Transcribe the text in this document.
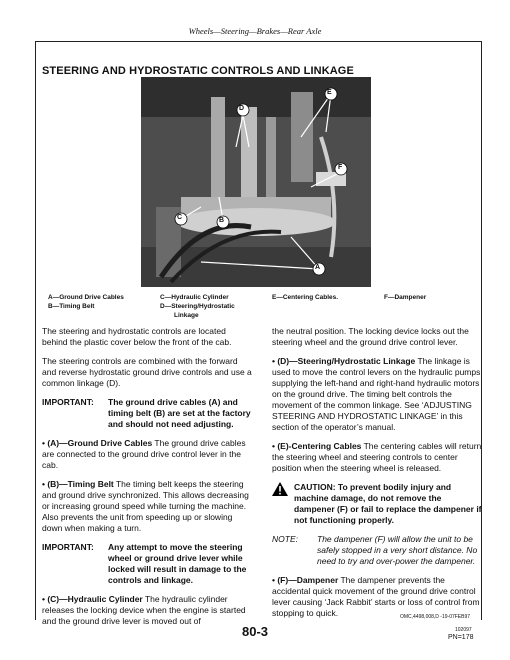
Wheels—Steering—Brakes—Rear Axle
STEERING AND HYDROSTATIC CONTROLS AND LINKAGE
E
D
F
C	B
A	E49223 -UN-20JAN97
A—Ground Drive Cables
B—Timing Belt
C—Hydraulic Cylinder
D—Steering/Hydrostatic
Linkage
E—Centering Cables.	F—Dampener

The steering and hydrostatic controls are located behind the plastic cover below the front of the cab.

The steering controls are combined with the forward and reverse hydrostatic ground drive controls and use a common linkage (D).

IMPORTANT:	The ground drive cables (A) and timing belt (B) are set at the factory and should not need adjusting.

• (A)—Ground Drive Cables The ground drive cables are connected to the ground drive control lever in the cab.

• (B)—Timing Belt The timing belt keeps the steering and ground drive synchronized. This allows decreasing or increasing ground speed while turning the machine. Also prevents the unit from speeding up or slowing down when making a turn.

IMPORTANT:	Any attempt to move the steering wheel or ground drive lever while locked will result in damage to the controls and linkage.

• (C)—Hydraulic Cylinder The hydraulic cylinder releases the locking device when the engine is started and the ground drive lever is moved out of

the neutral position. The locking device locks out the steering wheel and the ground drive control lever.

• (D)—Steering/Hydrostatic Linkage The linkage is used to move the control levers on the hydraulic pumps supplying the left-hand and right-hand hydraulic motors on the ground drive. The timing belt controls the movement of the common linkage. See ‘ADJUSTING STEERING AND HYDROSTATIC LINKAGE’ in this section of the operator’s manual.

• (E)-Centering Cables The centering cables will return the steering wheel and steering controls to center position when the steering wheel is released.

CAUTION: To prevent bodily injury and machine damage, do not remove the dampener (F) or fail to replace the dampener if not functioning properly.
NOTE:	The dampener (F) will allow the unit to be safely stopped in a very short distance. No need to try and over-power the dampener.

• (F)—Dampener The dampener prevents the accidental quick movement of the ground drive control lever causing ‘Jack Rabbit’ starts or loss of control from stopping to quick.	OMC,4498,008,D -19-07FEB97
80-3	102097
PN=178
